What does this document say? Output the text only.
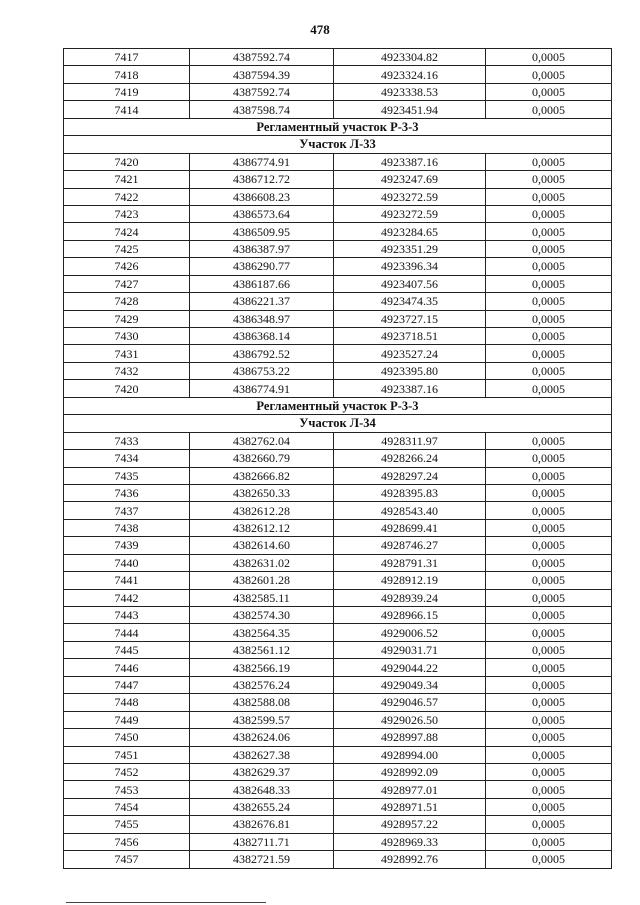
478
7417	4387592.74	4923304.82	0,0005
7418	4387594.39	4923324.16	0,0005
7419	4387592.74	4923338.53	0,0005
7414	4387598.74	4923451.94	0,0005
Регламентный участок Р-3-3			
Участок Л-33			
7420	4386774.91	4923387.16	0,0005
7421	4386712.72	4923247.69	0,0005
7422	4386608.23	4923272.59	0,0005
7423	4386573.64	4923272.59	0,0005
7424	4386509.95	4923284.65	0,0005
7425	4386387.97	4923351.29	0,0005
7426	4386290.77	4923396.34	0,0005
7427	4386187.66	4923407.56	0,0005
7428	4386221.37	4923474.35	0,0005
7429	4386348.97	4923727.15	0,0005
7430	4386368.14	4923718.51	0,0005
7431	4386792.52	4923527.24	0,0005
7432	4386753.22	4923395.80	0,0005
7420	4386774.91	4923387.16	0,0005
Регламентный участок Р-3-3			
Участок Л-34			
7433	4382762.04	4928311.97	0,0005
7434	4382660.79	4928266.24	0,0005
7435	4382666.82	4928297.24	0,0005
7436	4382650.33	4928395.83	0,0005
7437	4382612.28	4928543.40	0,0005
7438	4382612.12	4928699.41	0,0005
7439	4382614.60	4928746.27	0,0005
7440	4382631.02	4928791.31	0,0005
7441	4382601.28	4928912.19	0,0005
7442	4382585.11	4928939.24	0,0005
7443	4382574.30	4928966.15	0,0005
7444	4382564.35	4929006.52	0,0005
7445	4382561.12	4929031.71	0,0005
7446	4382566.19	4929044.22	0,0005
7447	4382576.24	4929049.34	0,0005
7448	4382588.08	4929046.57	0,0005
7449	4382599.57	4929026.50	0,0005
7450	4382624.06	4928997.88	0,0005
7451	4382627.38	4928994.00	0,0005
7452	4382629.37	4928992.09	0,0005
7453	4382648.33	4928977.01	0,0005
7454	4382655.24	4928971.51	0,0005
7455	4382676.81	4928957.22	0,0005
7456	4382711.71	4928969.33	0,0005
7457	4382721.59	4928992.76	0,0005
